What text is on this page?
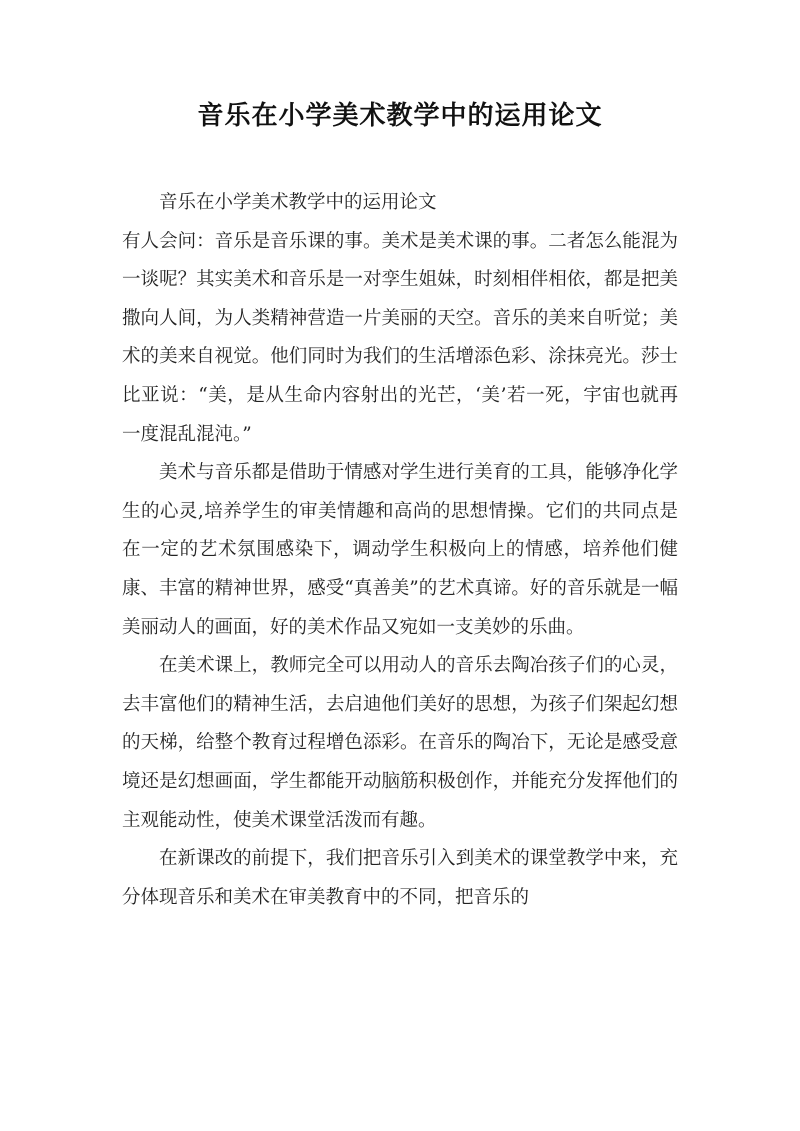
音乐在小学美术教学中的运用论文

音乐在小学美术教学中的运用论文

有人会问：音乐是音乐课的事。美术是美术课的事。二者怎么能混为一谈呢？其实美术和音乐是一对孪生姐妹，时刻相伴相依，都是把美撒向人间，为人类精神营造一片美丽的天空。音乐的美来自听觉；美术的美来自视觉。他们同时为我们的生活增添色彩、涂抹亮光。莎士比亚说：“美，是从生命内容射出的光芒，‘美’若一死，宇宙也就再一度混乱混沌。”

美术与音乐都是借助于情感对学生进行美育的工具，能够净化学生的心灵,培养学生的审美情趣和高尚的思想情操。它们的共同点是在一定的艺术氛围感染下，调动学生积极向上的情感，培养他们健康、丰富的精神世界，感受“真善美”的艺术真谛。好的音乐就是一幅美丽动人的画面，好的美术作品又宛如一支美妙的乐曲。

在美术课上，教师完全可以用动人的音乐去陶冶孩子们的心灵，去丰富他们的精神生活，去启迪他们美好的思想，为孩子们架起幻想的天梯，给整个教育过程增色添彩。在音乐的陶冶下，无论是感受意境还是幻想画面，学生都能开动脑筋积极创作，并能充分发挥他们的主观能动性，使美术课堂活泼而有趣。

在新课改的前提下，我们把音乐引入到美术的课堂教学中来，充分体现音乐和美术在审美教育中的不同，把音乐的
